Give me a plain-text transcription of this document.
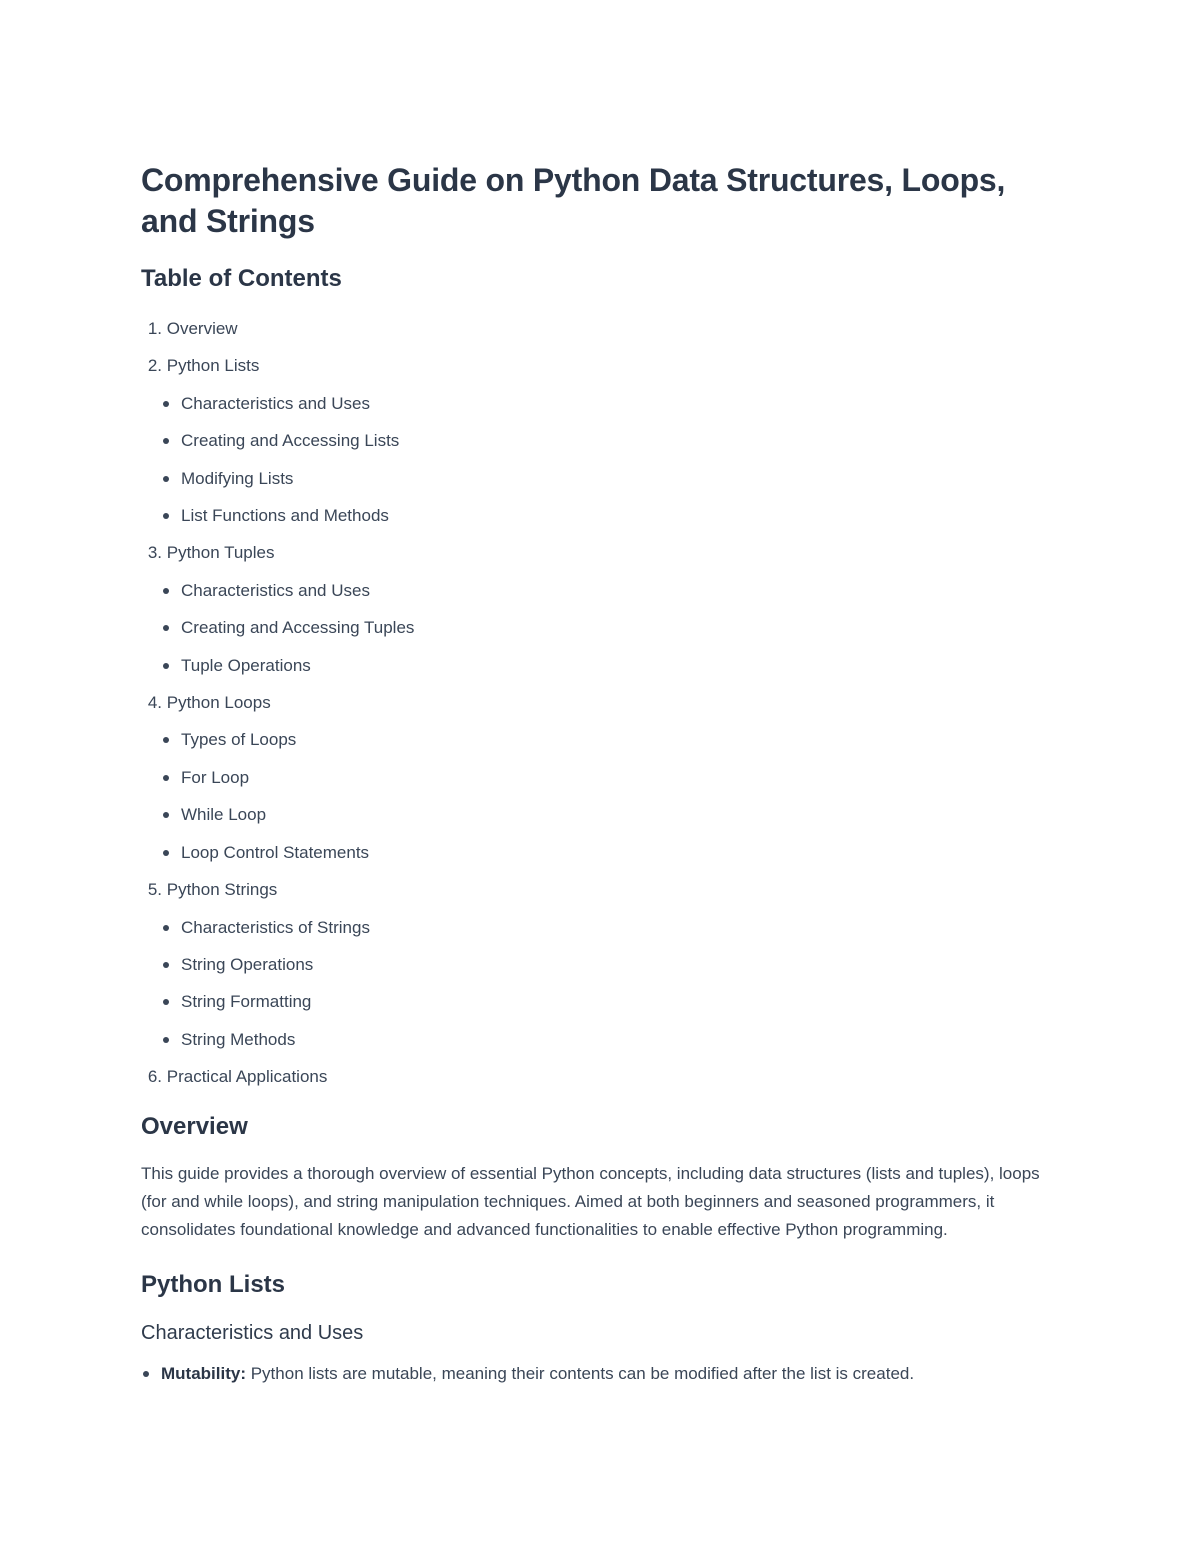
Comprehensive Guide on Python Data Structures, Loops, and Strings
Table of Contents
1. Overview
2. Python Lists
Characteristics and Uses
Creating and Accessing Lists
Modifying Lists
List Functions and Methods
3. Python Tuples
Characteristics and Uses
Creating and Accessing Tuples
Tuple Operations
4. Python Loops
Types of Loops
For Loop
While Loop
Loop Control Statements
5. Python Strings
Characteristics of Strings
String Operations
String Formatting
String Methods
6. Practical Applications
Overview

This guide provides a thorough overview of essential Python concepts, including data structures (lists and tuples), loops (for and while loops), and string manipulation techniques. Aimed at both beginners and seasoned programmers, it consolidates foundational knowledge and advanced functionalities to enable effective Python programming.

Python Lists
Characteristics and Uses
Mutability: Python lists are mutable, meaning their contents can be modified after the list is created.
